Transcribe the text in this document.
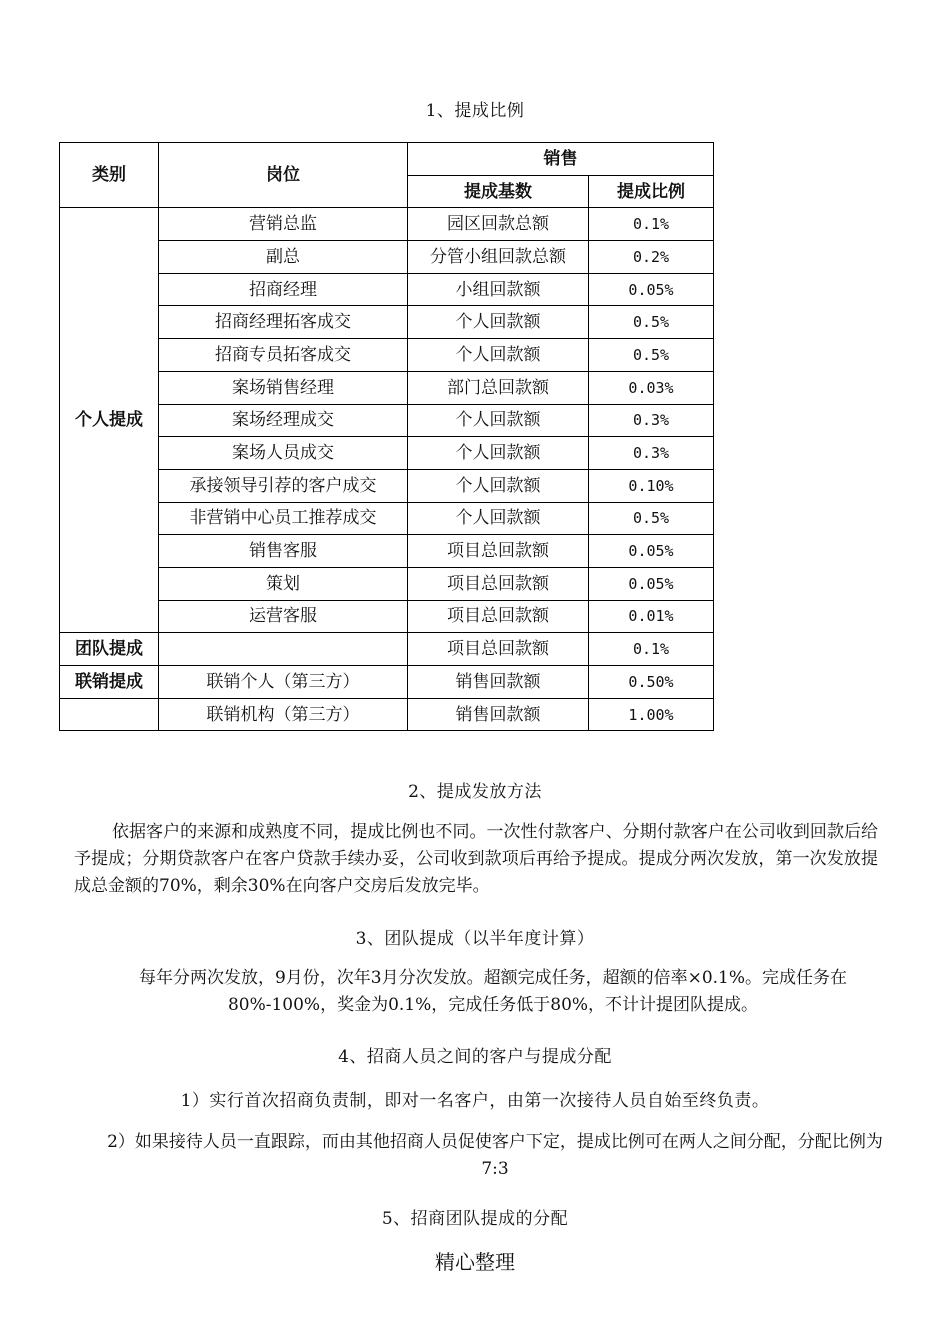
1、提成比例
类别	岗位	销售	
		提成基数	提成比例
个人提成	营销总监	园区回款总额	0.1%
	副总	分管小组回款总额	0.2%
	招商经理	小组回款额	0.05%
	招商经理拓客成交	个人回款额	0.5%
	招商专员拓客成交	个人回款额	0.5%
	案场销售经理	部门总回款额	0.03%
	案场经理成交	个人回款额	0.3%
	案场人员成交	个人回款额	0.3%
	承接领导引荐的客户成交	个人回款额	0.10%
	非营销中心员工推荐成交	个人回款额	0.5%
	销售客服	项目总回款额	0.05%
	策划	项目总回款额	0.05%
	运营客服	项目总回款额	0.01%
团队提成		项目总回款额	0.1%
联销提成	联销个人（第三方）	销售回款额	0.50%
	联销机构（第三方）	销售回款额	1.00%
2、提成发放方法
依据客户的来源和成熟度不同，提成比例也不同。一次性付款客户、分期付款客户在公司收到回款后给予提成；分期贷款客户在客户贷款手续办妥，公司收到款项后再给予提成。提成分两次发放，第一次发放提成总金额的70%，剩余30%在向客户交房后发放完毕。
3、团队提成（以半年度计算）
每年分两次发放，9月份，次年3月分次发放。超额完成任务，超额的倍率×0.1%。完成任务在80%-100%，奖金为0.1%，完成任务低于80%，不计计提团队提成。
4、招商人员之间的客户与提成分配
1）实行首次招商负责制，即对一名客户，由第一次接待人员自始至终负责。
2）如果接待人员一直跟踪，而由其他招商人员促使客户下定，提成比例可在两人之间分配，分配比例为7:3
5、招商团队提成的分配
精心整理
